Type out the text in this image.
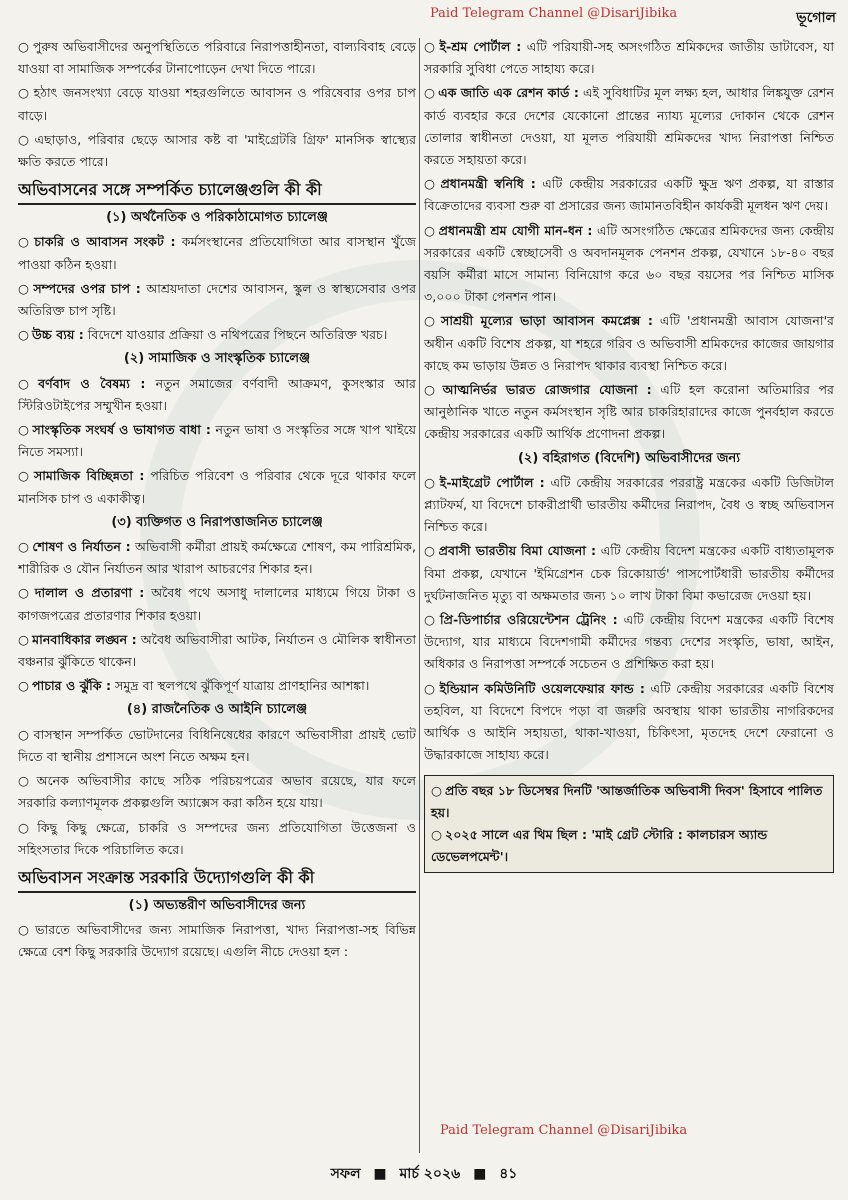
Paid Telegram Channel @DisariJibika	ভূগোল

○ পুরুষ অভিবাসীদের অনুপস্থিতিতে পরিবারে নিরাপত্তাহীনতা, বাল্যবিবাহ বেড়ে যাওয়া বা সামাজিক সম্পর্কের টানাপোড়েন দেখা দিতে পারে।

○ হঠাৎ জনসংখ্যা বেড়ে যাওয়া শহরগুলিতে আবাসন ও পরিষেবার ওপর চাপ বাড়ে।

○ এছাড়াও, পরিবার ছেড়ে আসার কষ্ট বা 'মাইগ্রেটরি গ্রিফ' মানসিক স্বাস্থ্যের ক্ষতি করতে পারে।

অভিবাসনের সঙ্গে সম্পর্কিত চ্যালেঞ্জগুলি কী কী
(১) অর্থনৈতিক ও পরিকাঠামোগত চ্যালেঞ্জ

○ চাকরি ও আবাসন সংকট : কর্মসংস্থানের প্রতিযোগিতা আর বাসস্থান খুঁজে পাওয়া কঠিন হওয়া।

○ সম্পদের ওপর চাপ : আশ্রয়দাতা দেশের আবাসন, স্কুল ও স্বাস্থ্যসেবার ওপর অতিরিক্ত চাপ সৃষ্টি।

○ উচ্চ ব্যয় : বিদেশে যাওয়ার প্রক্রিয়া ও নথিপত্রের পিছনে অতিরিক্ত খরচ।

(২) সামাজিক ও সাংস্কৃতিক চ্যালেঞ্জ

○ বর্ণবাদ ও বৈষম্য : নতুন সমাজের বর্ণবাদী আক্রমণ, কুসংস্কার আর স্টিরিওটাইপের সম্মুখীন হওয়া।

○ সাংস্কৃতিক সংঘর্ষ ও ভাষাগত বাধা : নতুন ভাষা ও সংস্কৃতির সঙ্গে খাপ খাইয়ে নিতে সমস্যা।

○ সামাজিক বিচ্ছিন্নতা : পরিচিত পরিবেশ ও পরিবার থেকে দূরে থাকার ফলে মানসিক চাপ ও একাকীত্ব।

(৩) ব্যক্তিগত ও নিরাপত্তাজনিত চ্যালেঞ্জ

○ শোষণ ও নির্যাতন : অভিবাসী কর্মীরা প্রায়ই কর্মক্ষেত্রে শোষণ, কম পারিশ্রমিক, শারীরিক ও যৌন নির্যাতন আর খারাপ আচরণের শিকার হন।

○ দালাল ও প্রতারণা : অবৈধ পথে অসাধু দালালের মাধ্যমে গিয়ে টাকা ও কাগজপত্রের প্রতারণার শিকার হওয়া।

○ মানবাধিকার লঙ্ঘন : অবৈধ অভিবাসীরা আটক, নির্যাতন ও মৌলিক স্বাধীনতা বঞ্চনার ঝুঁকিতে থাকেন।

○ পাচার ও ঝুঁকি : সমুদ্র বা স্থলপথে ঝুঁকিপূর্ণ যাত্রায় প্রাণহানির আশঙ্কা।

(৪) রাজনৈতিক ও আইনি চ্যালেঞ্জ

○ বাসস্থান সম্পর্কিত ভোটদানের বিধিনিষেধের কারণে অভিবাসীরা প্রায়ই ভোট দিতে বা স্থানীয় প্রশাসনে অংশ নিতে অক্ষম হন।

○ অনেক অভিবাসীর কাছে সঠিক পরিচয়পত্রের অভাব রয়েছে, যার ফলে সরকারি কল্যাণমূলক প্রকল্পগুলি অ্যাক্সেস করা কঠিন হয়ে যায়।

○ কিছু কিছু ক্ষেত্রে, চাকরি ও সম্পদের জন্য প্রতিযোগিতা উত্তেজনা ও সহিংসতার দিকে পরিচালিত করে।

অভিবাসন সংক্রান্ত সরকারি উদ্যোগগুলি কী কী
(১) অভ্যন্তরীণ অভিবাসীদের জন্য

○ ভারতে অভিবাসীদের জন্য সামাজিক নিরাপত্তা, খাদ্য নিরাপত্তা-সহ বিভিন্ন ক্ষেত্রে বেশ কিছু সরকারি উদ্যোগ রয়েছে। এগুলি নীচে দেওয়া হল :

○ ই-শ্রম পোর্টাল : এটি পরিযায়ী-সহ অসংগঠিত শ্রমিকদের জাতীয় ডাটাবেস, যা সরকারি সুবিধা পেতে সাহায্য করে।

○ এক জাতি এক রেশন কার্ড : এই সুবিধাটির মূল লক্ষ্য হল, আধার লিঙ্কযুক্ত রেশন কার্ড ব্যবহার করে দেশের যেকোনো প্রান্তের ন্যায্য মূল্যের দোকান থেকে রেশন তোলার স্বাধীনতা দেওয়া, যা মূলত পরিযায়ী শ্রমিকদের খাদ্য নিরাপত্তা নিশ্চিত করতে সহায়তা করে।

○ প্রধানমন্ত্রী স্বনিধি : এটি কেন্দ্রীয় সরকারের একটি ক্ষুদ্র ঋণ প্রকল্প, যা রাস্তার বিক্রেতাদের ব্যবসা শুরু বা প্রসারের জন্য জামানতবিহীন কার্যকরী মূলধন ঋণ দেয়।

○ প্রধানমন্ত্রী শ্রম যোগী মান-ধন : এটি অসংগঠিত ক্ষেত্রের শ্রমিকদের জন্য কেন্দ্রীয় সরকারের একটি স্বেচ্ছাসেবী ও অবদানমূলক পেনশন প্রকল্প, যেখানে ১৮-৪০ বছর বয়সি কর্মীরা মাসে সামান্য বিনিয়োগ করে ৬০ বছর বয়সের পর নিশ্চিত মাসিক ৩,০০০ টাকা পেনশন পান।

○ সাশ্রয়ী মূল্যের ভাড়া আবাসন কমপ্লেক্স : এটি 'প্রধানমন্ত্রী আবাস যোজনা'র অধীন একটি বিশেষ প্রকল্প, যা শহরে গরিব ও অভিবাসী শ্রমিকদের কাজের জায়গার কাছে কম ভাড়ায় উন্নত ও নিরাপদ থাকার ব্যবস্থা নিশ্চিত করে।

○ আত্মনির্ভর ভারত রোজগার যোজনা : এটি হল করোনা অতিমারির পর আনুষ্ঠানিক খাতে নতুন কর্মসংস্থান সৃষ্টি আর চাকরিহারাদের কাজে পুনর্বহাল করতে কেন্দ্রীয় সরকারের একটি আর্থিক প্রণোদনা প্রকল্প।

(২) বহিরাগত (বিদেশি) অভিবাসীদের জন্য

○ ই-মাইগ্রেট পোর্টাল : এটি কেন্দ্রীয় সরকারের পররাষ্ট্র মন্ত্রকের একটি ডিজিটাল প্ল্যাটফর্ম, যা বিদেশে চাকরীপ্রার্থী ভারতীয় কর্মীদের নিরাপদ, বৈধ ও স্বচ্ছ অভিবাসন নিশ্চিত করে।

○ প্রবাসী ভারতীয় বিমা যোজনা : এটি কেন্দ্রীয় বিদেশ মন্ত্রকের একটি বাধ্যতামূলক বিমা প্রকল্প, যেখানে 'ইমিগ্রেশন চেক রিকোয়ার্ড' পাসপোর্টধারী ভারতীয় কর্মীদের দুর্ঘটনাজনিত মৃত্যু বা অক্ষমতার জন্য ১০ লাখ টাকা বিমা কভারেজ দেওয়া হয়।

○ প্রি-ডিপার্চার ওরিয়েন্টেশন ট্রেনিং : এটি কেন্দ্রীয় বিদেশ মন্ত্রকের একটি বিশেষ উদ্যোগ, যার মাধ্যমে বিদেশগামী কর্মীদের গন্তব্য দেশের সংস্কৃতি, ভাষা, আইন, অধিকার ও নিরাপত্তা সম্পর্কে সচেতন ও প্রশিক্ষিত করা হয়।

○ ইন্ডিয়ান কমিউনিটি ওয়েলফেয়ার ফান্ড : এটি কেন্দ্রীয় সরকারের একটি বিশেষ তহবিল, যা বিদেশে বিপদে পড়া বা জরুরি অবস্থায় থাকা ভারতীয় নাগরিকদের আর্থিক ও আইনি সহায়তা, থাকা-খাওয়া, চিকিৎসা, মৃতদেহ দেশে ফেরানো ও উদ্ধারকাজে সাহায্য করে।

○ প্রতি বছর ১৮ ডিসেম্বর দিনটি 'আন্তর্জাতিক অভিবাসী দিবস' হিসাবে পালিত হয়।

○ ২০২৫ সালে এর থিম ছিল : 'মাই গ্রেট স্টোরি : কালচারস অ্যান্ড ডেভেলপমেন্ট'।

Paid Telegram Channel @DisariJibika
সফল ■ মার্চ ২০২৬ ■ ৪১
